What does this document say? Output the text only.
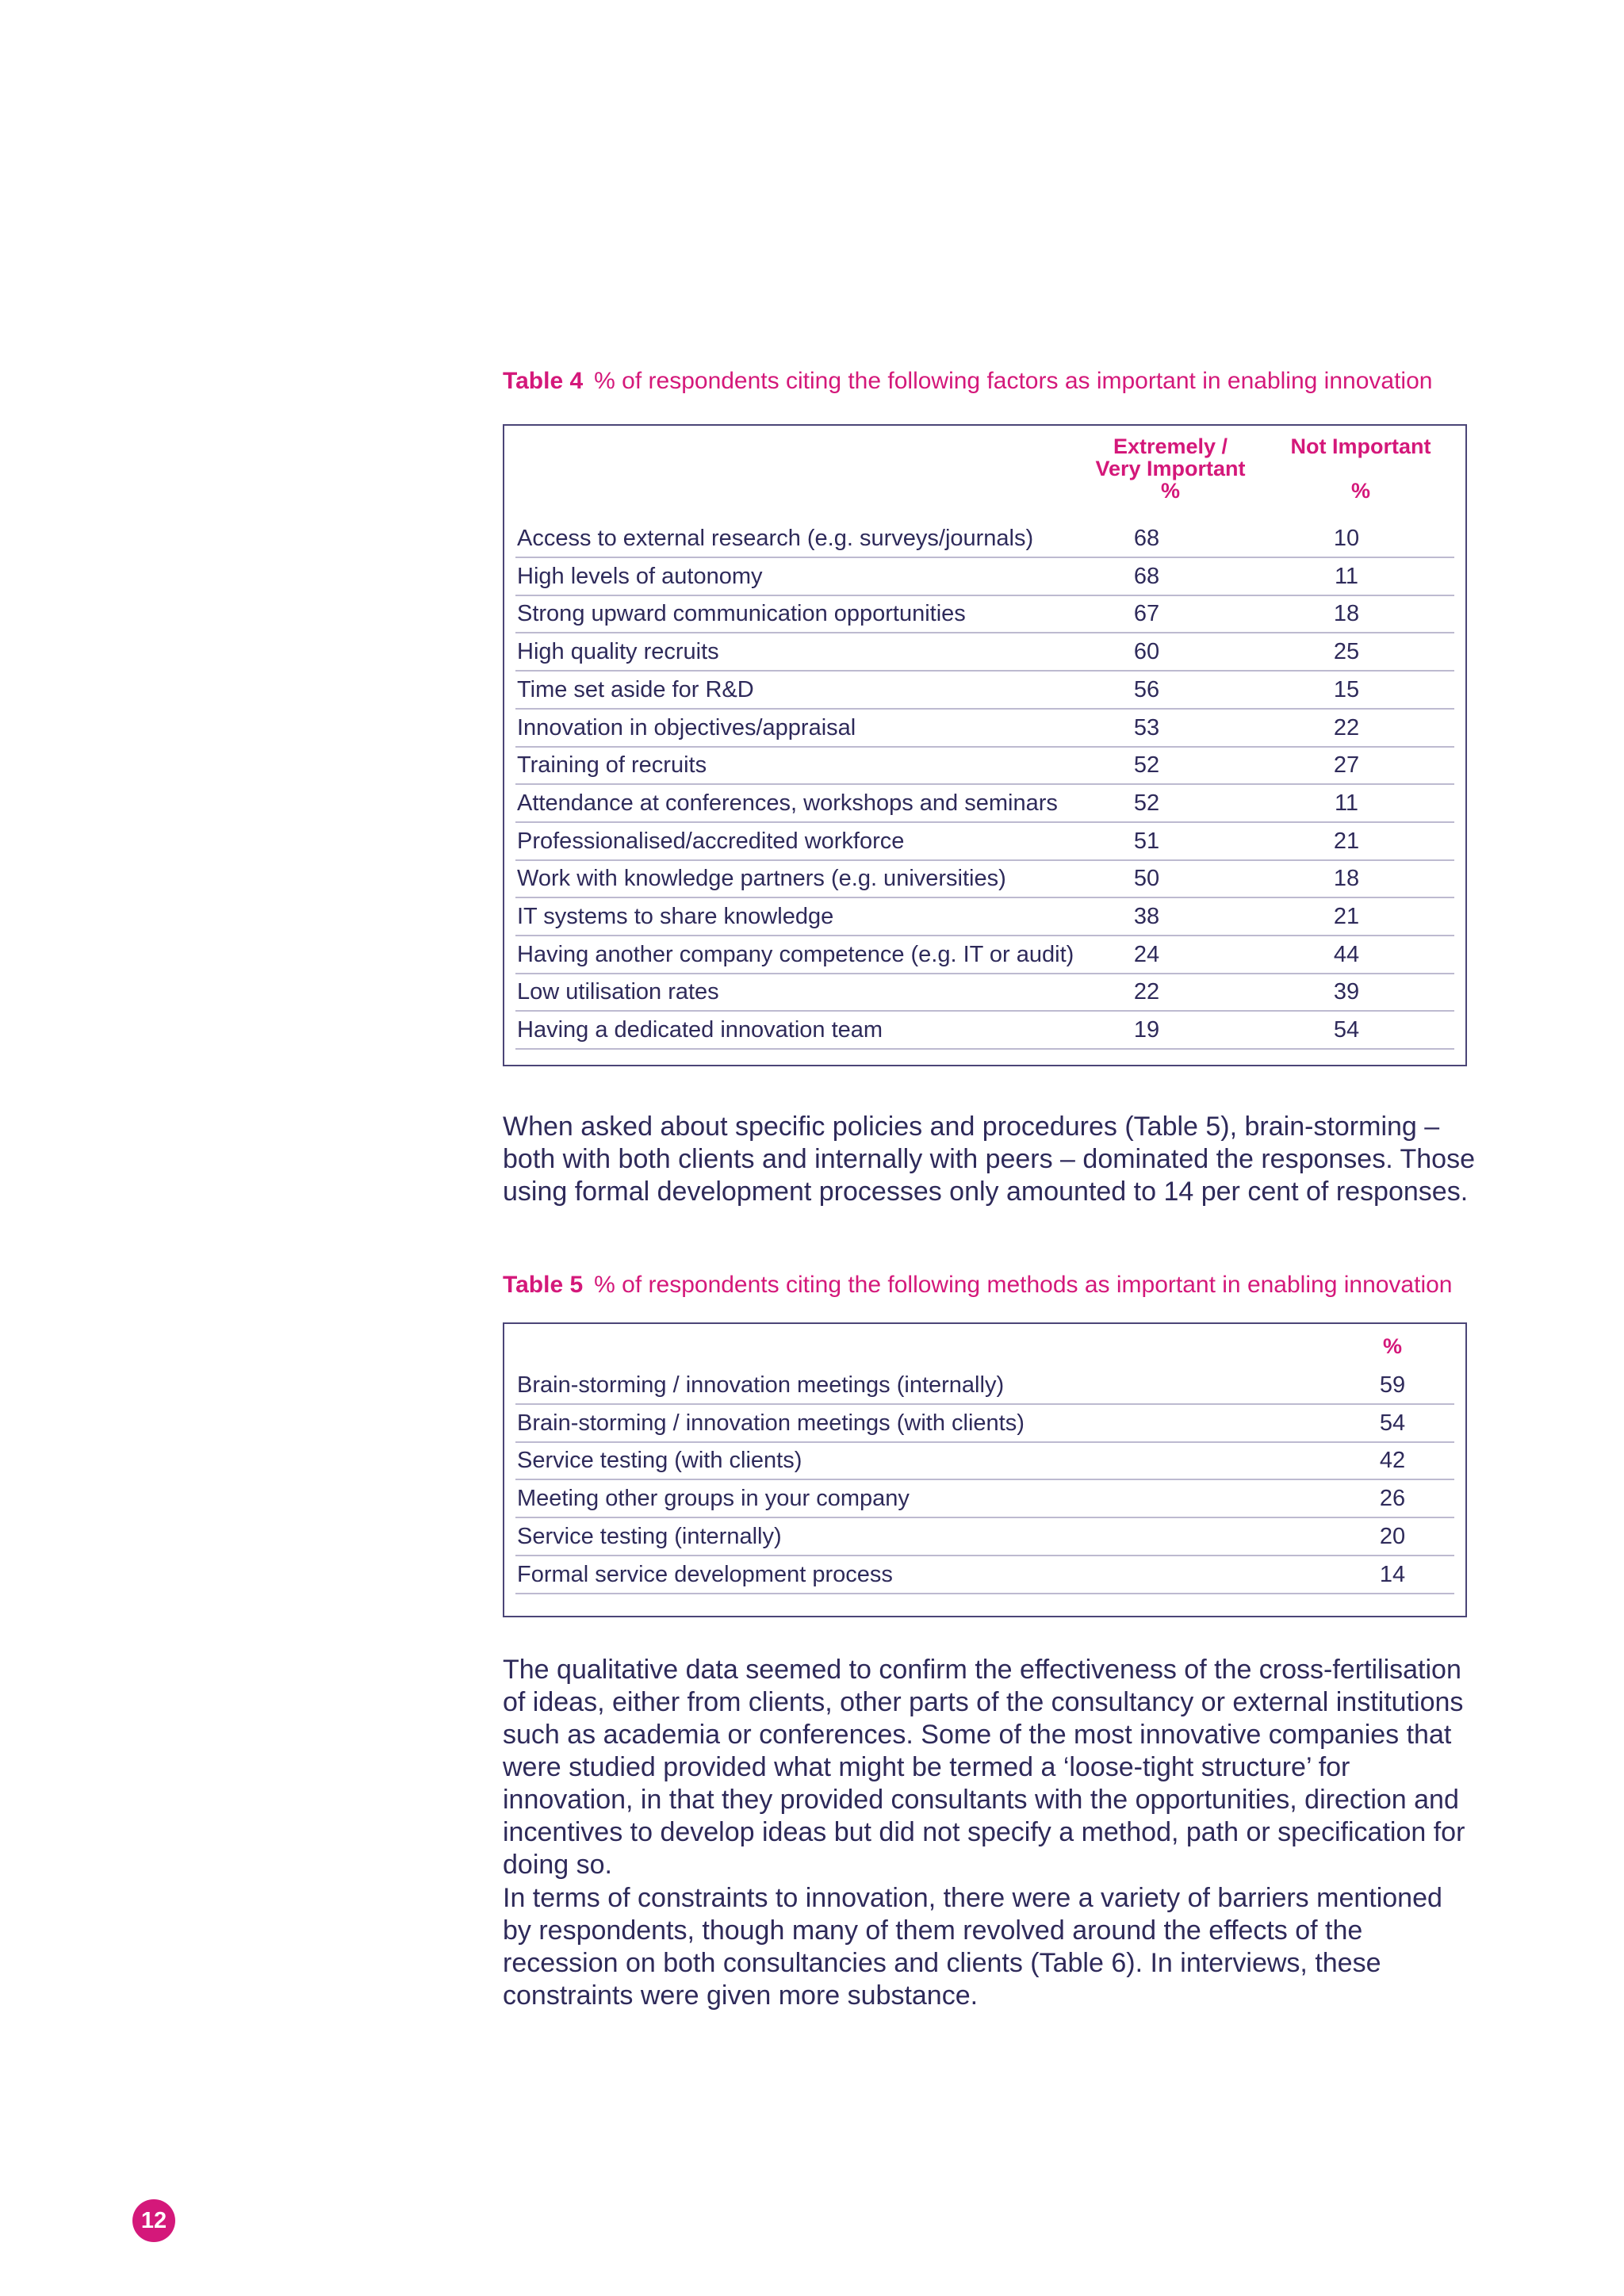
Table 4 % of respondents citing the following factors as important in enabling innovation
Extremely /
Very Important
%
Not Important
%
Access to external research (e.g. surveys/journals)	68	10
High levels of autonomy	68	11
Strong upward communication opportunities	67	18
High quality recruits	60	25
Time set aside for R&D	56	15
Innovation in objectives/appraisal	53	22
Training of recruits	52	27
Attendance at conferences, workshops and seminars	52	11
Professionalised/accredited workforce	51	21
Work with knowledge partners (e.g. universities)	50	18
IT systems to share knowledge	38	21
Having another company competence (e.g. IT or audit)	24	44
Low utilisation rates	22	39
Having a dedicated innovation team	19	54

When asked about specific policies and procedures (Table 5), brain-storming – both with both clients and internally with peers – dominated the responses. Those using formal development processes only amounted to 14 per cent of responses.

Table 5 % of respondents citing the following methods as important in enabling innovation
%
Brain-storming / innovation meetings (internally)	59
Brain-storming / innovation meetings (with clients)	54
Service testing (with clients)	42
Meeting other groups in your company	26
Service testing (internally)	20
Formal service development process	14

The qualitative data seemed to confirm the effectiveness of the cross-fertilisation of ideas, either from clients, other parts of the consultancy or external institutions such as academia or conferences. Some of the most innovative companies that were studied provided what might be termed a ‘loose-tight structure’ for innovation, in that they provided consultants with the opportunities, direction and incentives to develop ideas but did not specify a method, path or specification for doing so.

In terms of constraints to innovation, there were a variety of barriers mentioned by respondents, though many of them revolved around the effects of the recession on both consultancies and clients (Table 6). In interviews, these constraints were given more substance.

12
